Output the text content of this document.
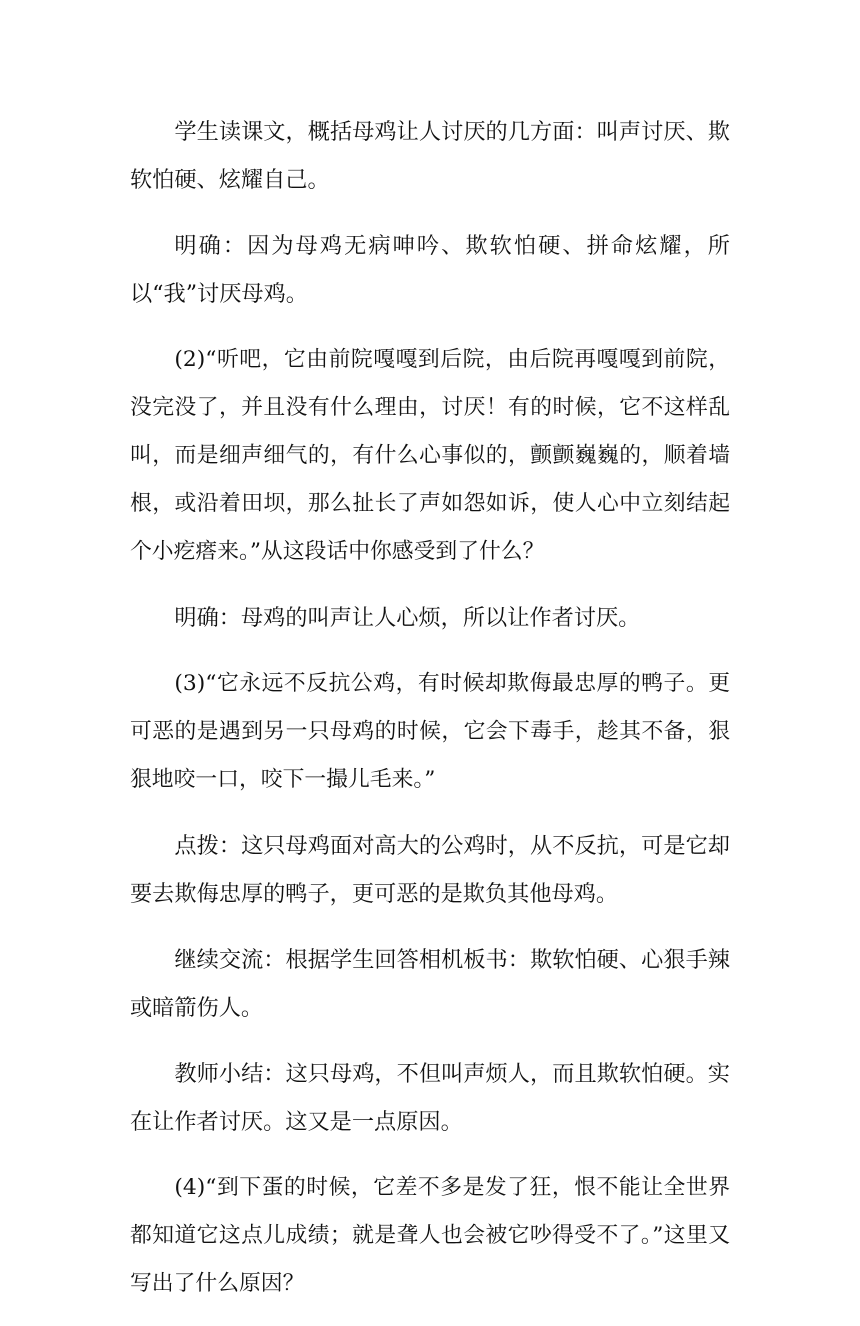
学生读课文，概括母鸡让人讨厌的几方面：叫声讨厌、欺软怕硬、炫耀自己。

明确：因为母鸡无病呻吟、欺软怕硬、拼命炫耀，所以“我”讨厌母鸡。

(2)“听吧，它由前院嘎嘎到后院，由后院再嘎嘎到前院，没完没了，并且没有什么理由，讨厌！有的时候，它不这样乱叫，而是细声细气的，有什么心事似的，颤颤巍巍的，顺着墙根，或沿着田坝，那么扯长了声如怨如诉，使人心中立刻结起个小疙瘩来。”从这段话中你感受到了什么？

明确：母鸡的叫声让人心烦，所以让作者讨厌。

(3)“它永远不反抗公鸡，有时候却欺侮最忠厚的鸭子。更可恶的是遇到另一只母鸡的时候，它会下毒手，趁其不备，狠狠地咬一口，咬下一撮儿毛来。”

点拨：这只母鸡面对高大的公鸡时，从不反抗，可是它却要去欺侮忠厚的鸭子，更可恶的是欺负其他母鸡。

继续交流：根据学生回答相机板书：欺软怕硬、心狠手辣或暗箭伤人。

教师小结：这只母鸡，不但叫声烦人，而且欺软怕硬。实在让作者讨厌。这又是一点原因。

(4)“到下蛋的时候，它差不多是发了狂，恨不能让全世界都知道它这点儿成绩；就是聋人也会被它吵得受不了。”这里又写出了什么原因？
